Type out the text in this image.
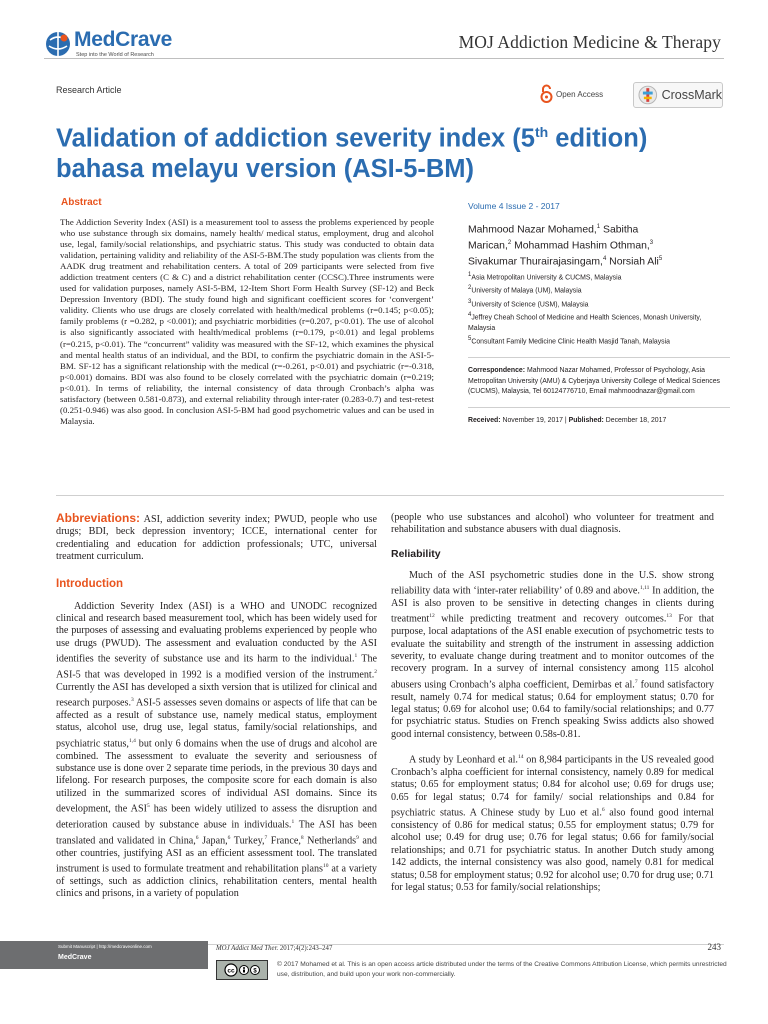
MedCrave
Step into the World of Research
MOJ Addiction Medicine & Therapy
Research Article	Open Access	CrossMark
Validation of addiction severity index (5th edition) bahasa melayu version (ASI-5-BM)
Abstract

The Addiction Severity Index (ASI) is a measurement tool to assess the problems experienced by people who use substance through six domains, namely health/ medical status, employment, drug and alcohol use, legal, family/social relationships, and psychiatric status. This study was conducted to obtain data validation, pertaining validity and reliability of the ASI-5-BM.The study population was clients from the AADK drug treatment and rehabilitation centers. A total of 209 participants were selected from five addiction treatment centers (C & C) and a district rehabilitation center (CCSC).Three instruments were used for validation purposes, namely ASI-5-BM, 12-Item Short Form Health Survey (SF-12) and Beck Depression Inventory (BDI). The study found high and significant coefficient scores for ‘convergent’ validity. Clients who use drugs are closely correlated with health/medical problems (r=0.145; p<0.05); family problems (r =0.282, p <0.001); and psychiatric morbidities (r=0.207, p<0.01). The use of alcohol is also significantly associated with health/medical problems (r=0.179, p<0.01) and legal problems (r=0.215, p<0.01). The “concurrent” validity was measured with the SF-12, which examines the physical and mental health status of an individual, and the BDI, to confirm the psychiatric domain in the ASI-5-BM. SF-12 has a significant relationship with the medical (r=-0.261, p<0.01) and psychiatric (r=-0.318, p<0.001) domains. BDI was also found to be closely correlated with the psychiatric domain (r=0.219; p<0.01). In terms of reliability, the internal consistency of data through Cronbach’s alpha was satisfactory (between 0.581-0.873), and external reliability through inter-rater (0.283-0.7) and test-retest (0.251-0.946) was also good. In conclusion ASI-5-BM had good psychometric values and can be used in Malaysia.

Volume 4 Issue 2 - 2017
Mahmood Nazar Mohamed,$^1$ Sabitha
Marican,$^2$ Mohammad Hashim Othman,$^3$
Sivakumar Thurairajasingam,$^4$ Norsiah Ali$^5$
$^1$Asia Metropolitan University & CUCMS, Malaysia
$^2$University of Malaya (UM), Malaysia
$^3$University of Science (USM), Malaysia
$^4$Jeffrey Cheah School of Medicine and Health Sciences, Monash University, Malaysia
$^5$Consultant Family Medicine Clinic Health Masjid Tanah, Malaysia
Correspondence: Mahmood Nazar Mohamed, Professor of Psychology, Asia Metropolitan University (AMU) & Cyberjaya University College of Medical Sciences (CUCMS), Malaysia, Tel 60124776710, Email mahmoodnazar@gmail.com
Received: November 19, 2017 | Published: December 18, 2017

Abbreviations: ASI, addiction severity index; PWUD, people who use drugs; BDI, beck depression inventory; ICCE, international center for credentialing and education for addiction professionals; UTC, universal treatment curriculum.

Introduction

Addiction Severity Index (ASI) is a WHO and UNODC recognized clinical and research based measurement tool, which has been widely used for the purposes of assessing and evaluating problems experienced by people who use drugs (PWUD). The assessment and evaluation conducted by the ASI identifies the severity of substance use and its harm to the individual.$^1$ The ASI-5 that was developed in 1992 is a modified version of the instrument.$^2$ Currently the ASI has developed a sixth version that is utilized for clinical and research purposes.$^3$ ASI-5 assesses seven domains or aspects of life that can be affected as a result of substance use, namely medical status, employment status, alcohol use, drug use, legal status, family/social relationships, and psychiatric status,$^{1,4}$ but only 6 domains when the use of drugs and alcohol are combined. The assessment to evaluate the severity and seriousness of substance use is done over 2 separate time periods, in the previous 30 days and lifelong. For research purposes, the composite score for each domain is also utilized in the summarized scores of individual ASI domains. Since its development, the ASI$^5$ has been widely utilized to assess the disruption and deterioration caused by substance abuse in individuals.$^1$ The ASI has been translated and validated in China,$^6$ Japan,$^6$ Turkey,$^7$ France,$^8$ Netherlands$^9$ and other countries, justifying ASI as an efficient assessment tool. The translated instrument is used to formulate treatment and rehabilitation plans$^{10}$ at a variety of settings, such as addiction clinics, rehabilitation centers, mental health clinics and prisons, in a variety of population

(people who use substances and alcohol) who volunteer for treatment and rehabilitation and substance abusers with dual diagnosis.

Reliability

Much of the ASI psychometric studies done in the U.S. show strong reliability data with ‘inter-rater reliability’ of 0.89 and above.$^{1,11}$ In addition, the ASI is also proven to be sensitive in detecting changes in clients during treatment$^{12}$ while predicting treatment and recovery outcomes.$^{13}$ For that purpose, local adaptations of the ASI enable execution of psychometric tests to evaluate the suitability and strength of the instrument in assessing addiction severity, to evaluate change during treatment and to monitor outcomes of the recovery program. In a survey of internal consistency among 115 alcohol abusers using Cronbach’s alpha coefficient, Demirbas et al.$^7$ found satisfactory result, namely 0.74 for medical status; 0.64 for employment status; 0.70 for legal status; 0.69 for alcohol use; 0.64 to family/social relationships; and 0.77 for psychiatric status. Studies on French speaking Swiss addicts also showed good internal consistency, between 0.58s-0.81.

A study by Leonhard et al.$^{14}$ on 8,984 participants in the US revealed good Cronbach’s alpha coefficient for internal consistency, namely 0.89 for medical status; 0.65 for employment status; 0.84 for alcohol use; 0.69 for drugs use; 0.65 for legal status; 0.74 for family/ social relationships and 0.84 for psychiatric status. A Chinese study by Luo et al.$^6$ also found good internal consistency of 0.86 for medical status; 0.55 for employment status; 0.79 for alcohol use; 0.49 for drug use; 0.76 for legal status; 0.66 for family/social relationships; and 0.71 for psychiatric status. In another Dutch study among 142 addicts, the internal consistency was also good, namely 0.81 for medical status; 0.58 for employment status; 0.92 for alcohol use; 0.70 for drug use; 0.71 for legal status; 0.53 for family/social relationships;

Submit Manuscript | http://medcraveonline.com
MedCrave
MOJ Addict Med Ther. 2017;4(2):243‒247	243
cc	$
© 2017 Mohamed et al. This is an open access article distributed under the terms of the Creative Commons Attribution License, which permits unrestricted use, distribution, and build upon your work non-commercially.
